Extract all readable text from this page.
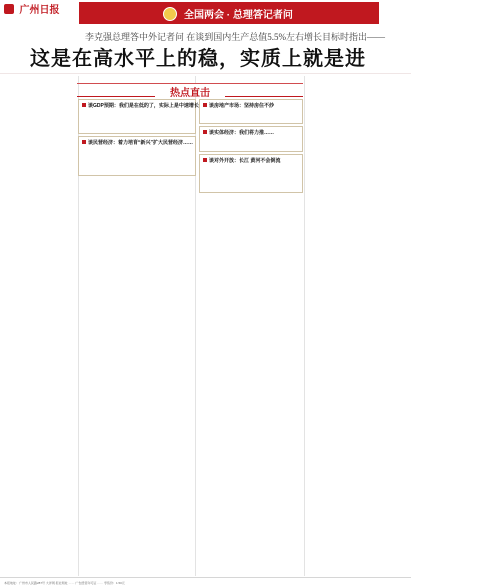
广州日报	全国两会 · 总理答记者问
2015年3月16日 星期一	3
李克强总理答中外记者问 在谈到国内生产总值5.5%左右增长目标时指出——
这是在高水平上的稳，实质上就是进
热点直击
谈GDP预期：我们是在低的了，实际上是中速增长	谈房地产市场：坚持房住不炒
谈实体经济：我们将力推……
谈民营经济：着力培育“新兴”扩大民营经济……
谈对外开放：长江 黄河不会倒流
本报地址：广州市人民路287号 大洋网 报社网址 …… 广告经营许可证 …… 零售价：1.50元
